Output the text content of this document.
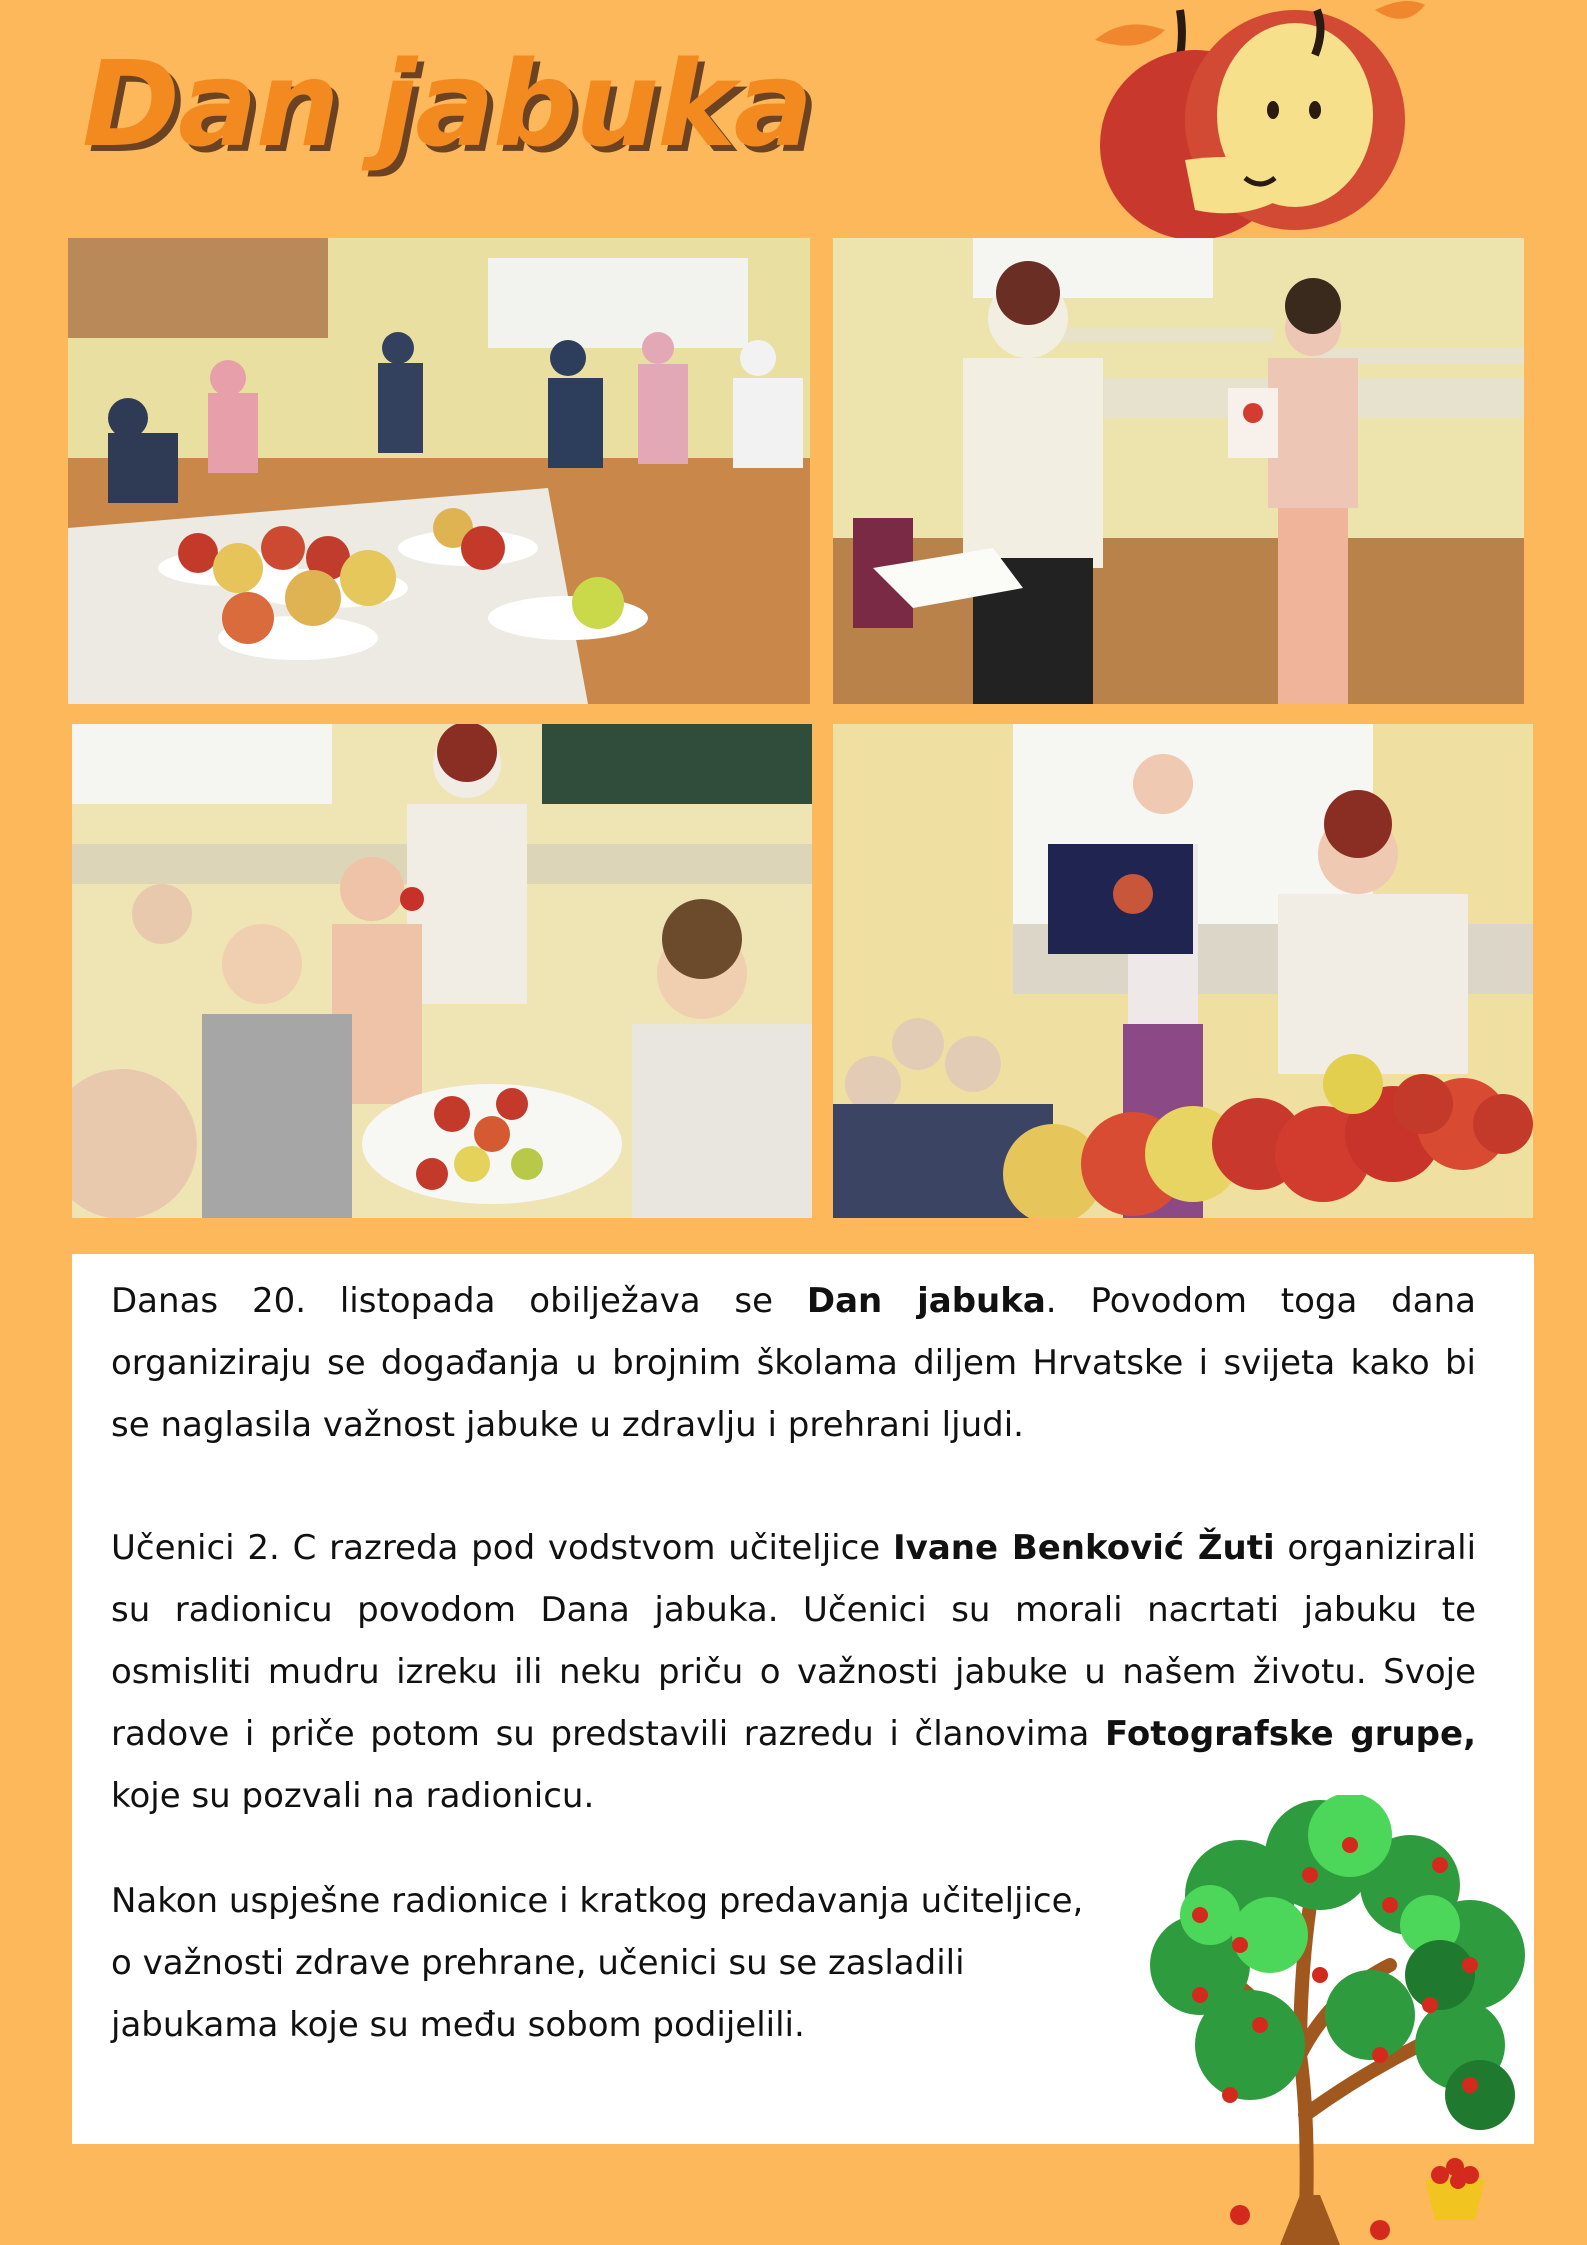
Dan jabuka

Danas 20. listopada obilježava se Dan jabuka. Povodom toga dana organiziraju se događanja u brojnim školama diljem Hrvatske i svijeta kako bi se naglasila važnost jabuke u zdravlju i prehrani ljudi.

Učenici 2. C razreda pod vodstvom učiteljice Ivane Benković Žuti organizirali su radionicu povodom Dana jabuka. Učenici su morali nacrtati jabuku te osmisliti mudru izreku ili neku priču o važnosti jabuke u našem životu. Svoje radove i priče potom su predstavili razredu i članovima Fotografske grupe, koje su pozvali na radionicu.

Nakon uspješne radionice i kratkog predavanja učiteljice, o važnosti zdrave prehrane, učenici su se zasladili jabukama koje su među sobom podijelili.
